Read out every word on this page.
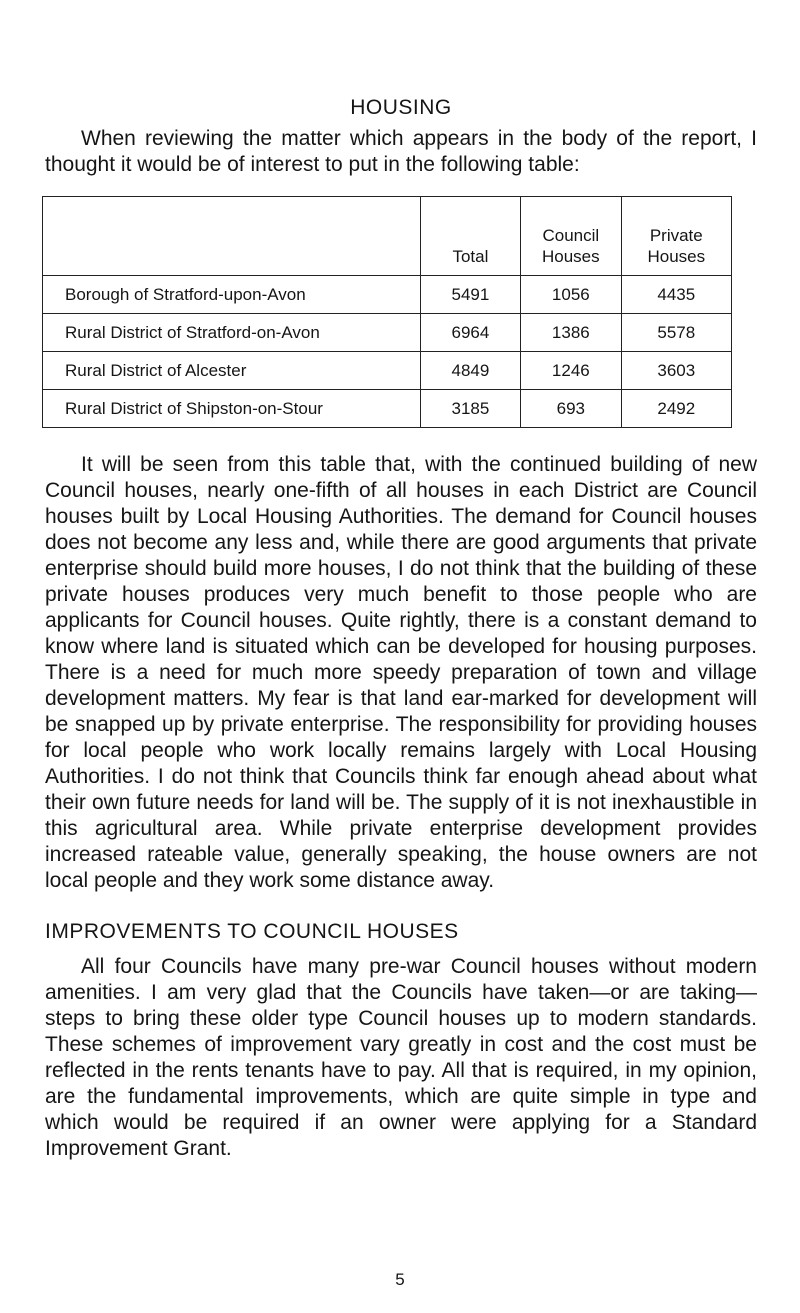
HOUSING

When reviewing the matter which appears in the body of the report, I thought it would be of interest to put in the following table:

	Total	Council Houses	Private Houses
Borough of Stratford-upon-Avon	5491	1056	4435
Rural District of Stratford-on-Avon	6964	1386	5578
Rural District of Alcester	4849	1246	3603
Rural District of Shipston-on-Stour	3185	693	2492

It will be seen from this table that, with the continued building of new Council houses, nearly one-fifth of all houses in each District are Council houses built by Local Housing Authorities. The demand for Council houses does not become any less and, while there are good arguments that private enterprise should build more houses, I do not think that the building of these private houses produces very much benefit to those people who are applicants for Council houses. Quite rightly, there is a constant demand to know where land is situated which can be developed for housing purposes. There is a need for much more speedy preparation of town and village development matters. My fear is that land ear-marked for development will be snapped up by private enterprise. The responsibility for providing houses for local people who work locally remains largely with Local Housing Authorities. I do not think that Councils think far enough ahead about what their own future needs for land will be. The supply of it is not inexhaustible in this agricultural area. While private enterprise development provides increased rateable value, generally speaking, the house owners are not local people and they work some distance away.

IMPROVEMENTS TO COUNCIL HOUSES

All four Councils have many pre-war Council houses without modern amenities. I am very glad that the Councils have taken—or are taking—steps to bring these older type Council houses up to modern standards. These schemes of improvement vary greatly in cost and the cost must be reflected in the rents tenants have to pay. All that is required, in my opinion, are the fundamental improvements, which are quite simple in type and which would be required if an owner were applying for a Standard Improvement Grant.

5
